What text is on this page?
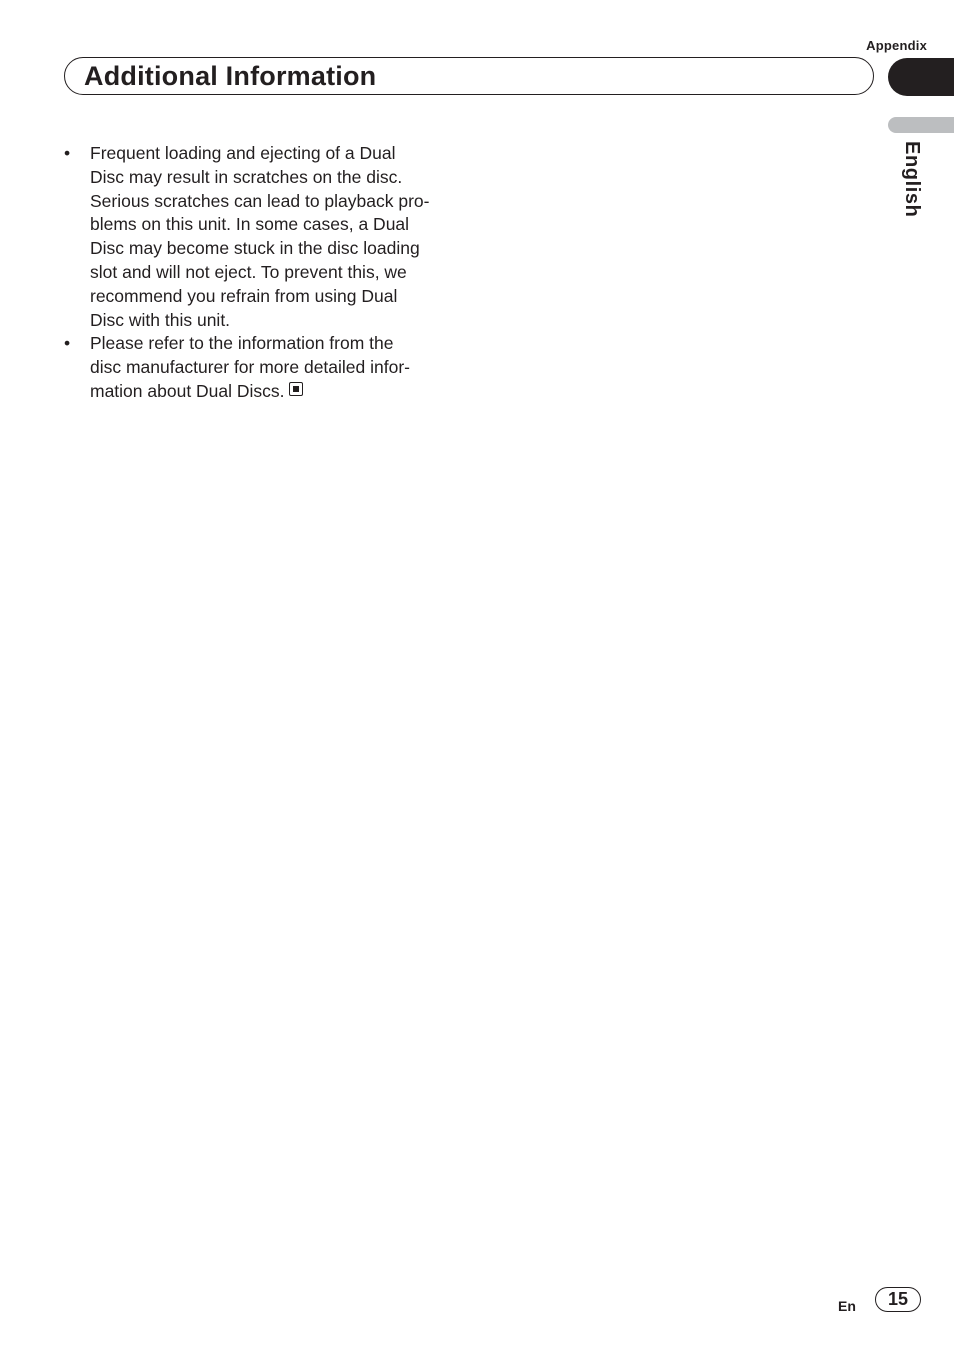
Appendix
Additional Information
English
• Frequent loading and ejecting of a Dual
Disc may result in scratches on the disc.
Serious scratches can lead to playback pro-
blems on this unit. In some cases, a Dual
Disc may become stuck in the disc loading
slot and will not eject. To prevent this, we
recommend you refrain from using Dual
Disc with this unit.
• Please refer to the information from the
disc manufacturer for more detailed infor-
mation about Dual Discs.
En	15
